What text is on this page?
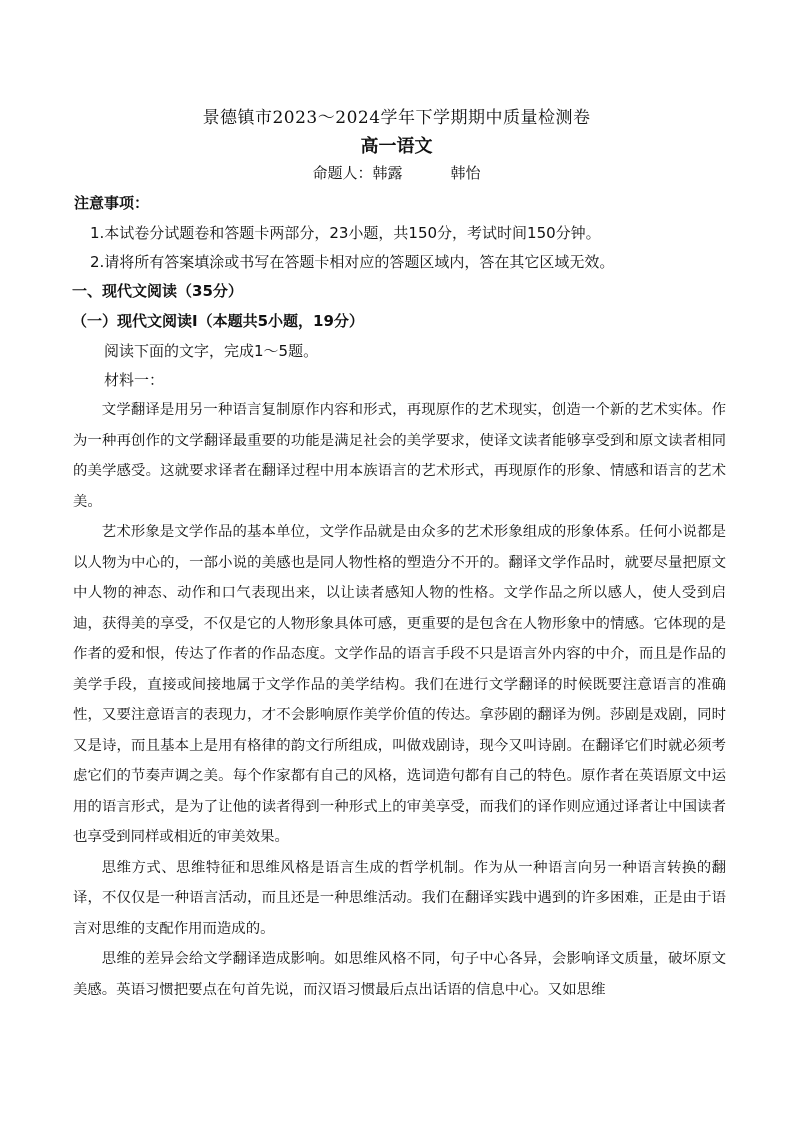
景德镇市2023～2024学年下学期期中质量检测卷
高一语文
命题人：韩露	韩怡
注意事项：
1.本试卷分试题卷和答题卡两部分，23小题，共150分，考试时间150分钟。
2.请将所有答案填涂或书写在答题卡相对应的答题区域内，答在其它区域无效。
一、现代文阅读（35分）
（一）现代文阅读Ⅰ（本题共5小题，19分）
阅读下面的文字，完成1～5题。
材料一：

文学翻译是用另一种语言复制原作内容和形式，再现原作的艺术现实，创造一个新的艺术实体。作为一种再创作的文学翻译最重要的功能是满足社会的美学要求，使译文读者能够享受到和原文读者相同的美学感受。这就要求译者在翻译过程中用本族语言的艺术形式，再现原作的形象、情感和语言的艺术美。

艺术形象是文学作品的基本单位，文学作品就是由众多的艺术形象组成的形象体系。任何小说都是以人物为中心的，一部小说的美感也是同人物性格的塑造分不开的。翻译文学作品时，就要尽量把原文中人物的神态、动作和口气表现出来，以让读者感知人物的性格。文学作品之所以感人，使人受到启迪，获得美的享受，不仅是它的人物形象具体可感，更重要的是包含在人物形象中的情感。它体现的是作者的爱和恨，传达了作者的作品态度。文学作品的语言手段不只是语言外内容的中介，而且是作品的美学手段，直接或间接地属于文学作品的美学结构。我们在进行文学翻译的时候既要注意语言的准确性，又要注意语言的表现力，才不会影响原作美学价值的传达。拿莎剧的翻译为例。莎剧是戏剧，同时又是诗，而且基本上是用有格律的韵文行所组成，叫做戏剧诗，现今又叫诗剧。在翻译它们时就必须考虑它们的节奏声调之美。每个作家都有自己的风格，选词造句都有自己的特色。原作者在英语原文中运用的语言形式，是为了让他的读者得到一种形式上的审美享受，而我们的译作则应通过译者让中国读者也享受到同样或相近的审美效果。

思维方式、思维特征和思维风格是语言生成的哲学机制。作为从一种语言向另一种语言转换的翻译，不仅仅是一种语言活动，而且还是一种思维活动。我们在翻译实践中遇到的许多困难，正是由于语言对思维的支配作用而造成的。

思维的差异会给文学翻译造成影响。如思维风格不同，句子中心各异，会影响译文质量，破坏原文美感。英语习惯把要点在句首先说，而汉语习惯最后点出话语的信息中心。又如思维
